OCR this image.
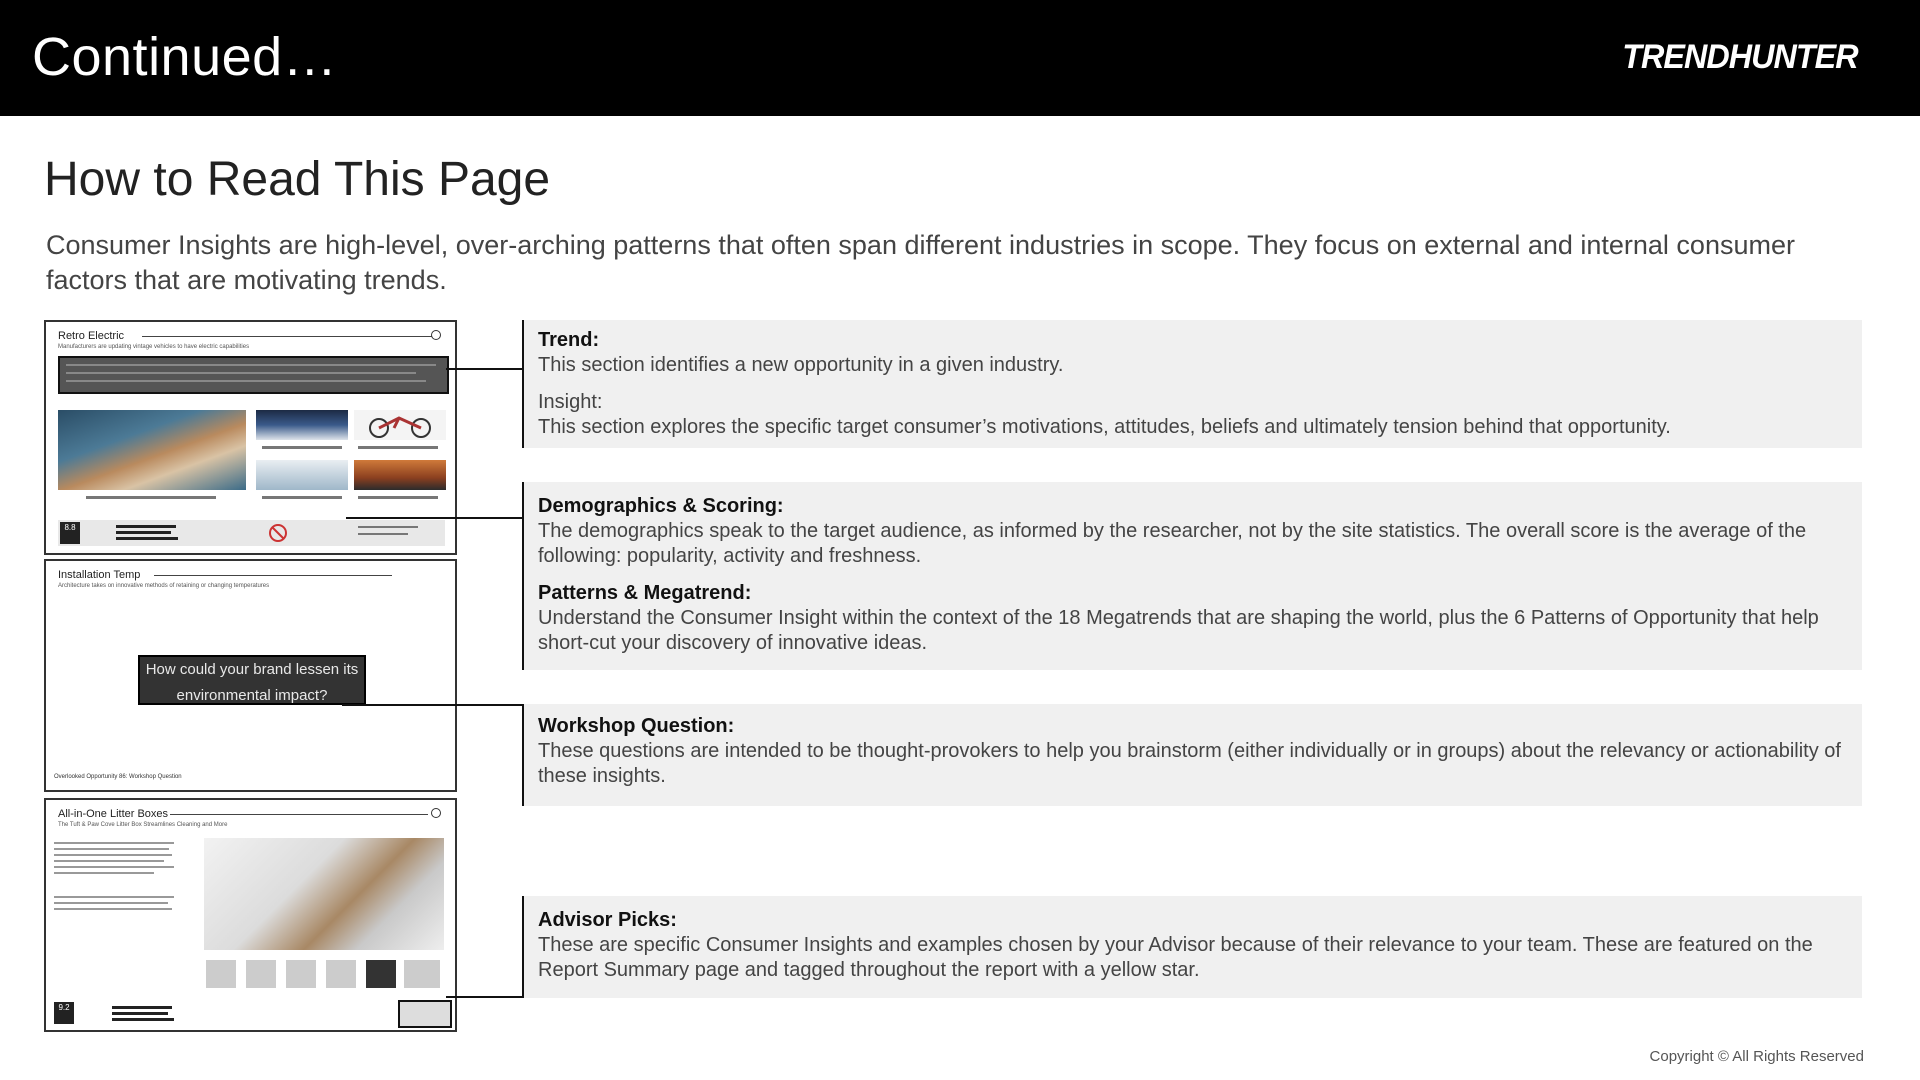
Continued…	TRENDHUNTER
How to Read This Page
Consumer Insights are high-level, over-arching patterns that often span different industries in scope. They focus on external and internal consumer factors that are motivating trends.
Retro Electric
Manufacturers are updating vintage vehicles to have electric capabilities
8.8
Installation Temp
Architecture takes on innovative methods of retaining or changing temperatures
How could your brand lessen its environmental impact?
Overlooked Opportunity 86: Workshop Question
All-in-One Litter Boxes
The Tuft & Paw Cove Litter Box Streamlines Cleaning and More
9.2
Trend:
This section identifies a new opportunity in a given industry.
Insight:
This section explores the specific target consumer’s motivations, attitudes, beliefs and ultimately tension behind that opportunity.
Demographics & Scoring:
The demographics speak to the target audience, as informed by the researcher, not by the site statistics. The overall score is the average of the following: popularity, activity and freshness.
Patterns & Megatrend:
Understand the Consumer Insight within the context of the 18 Megatrends that are shaping the world, plus the 6 Patterns of Opportunity that help short-cut your discovery of innovative ideas.
Workshop Question:
These questions are intended to be thought-provokers to help you brainstorm (either individually or in groups) about the relevancy or actionability of these insights.
Advisor Picks:
These are specific Consumer Insights and examples chosen by your Advisor because of their relevance to your team. These are featured on the Report Summary page and tagged throughout the report with a yellow star.
Copyright © All Rights Reserved
